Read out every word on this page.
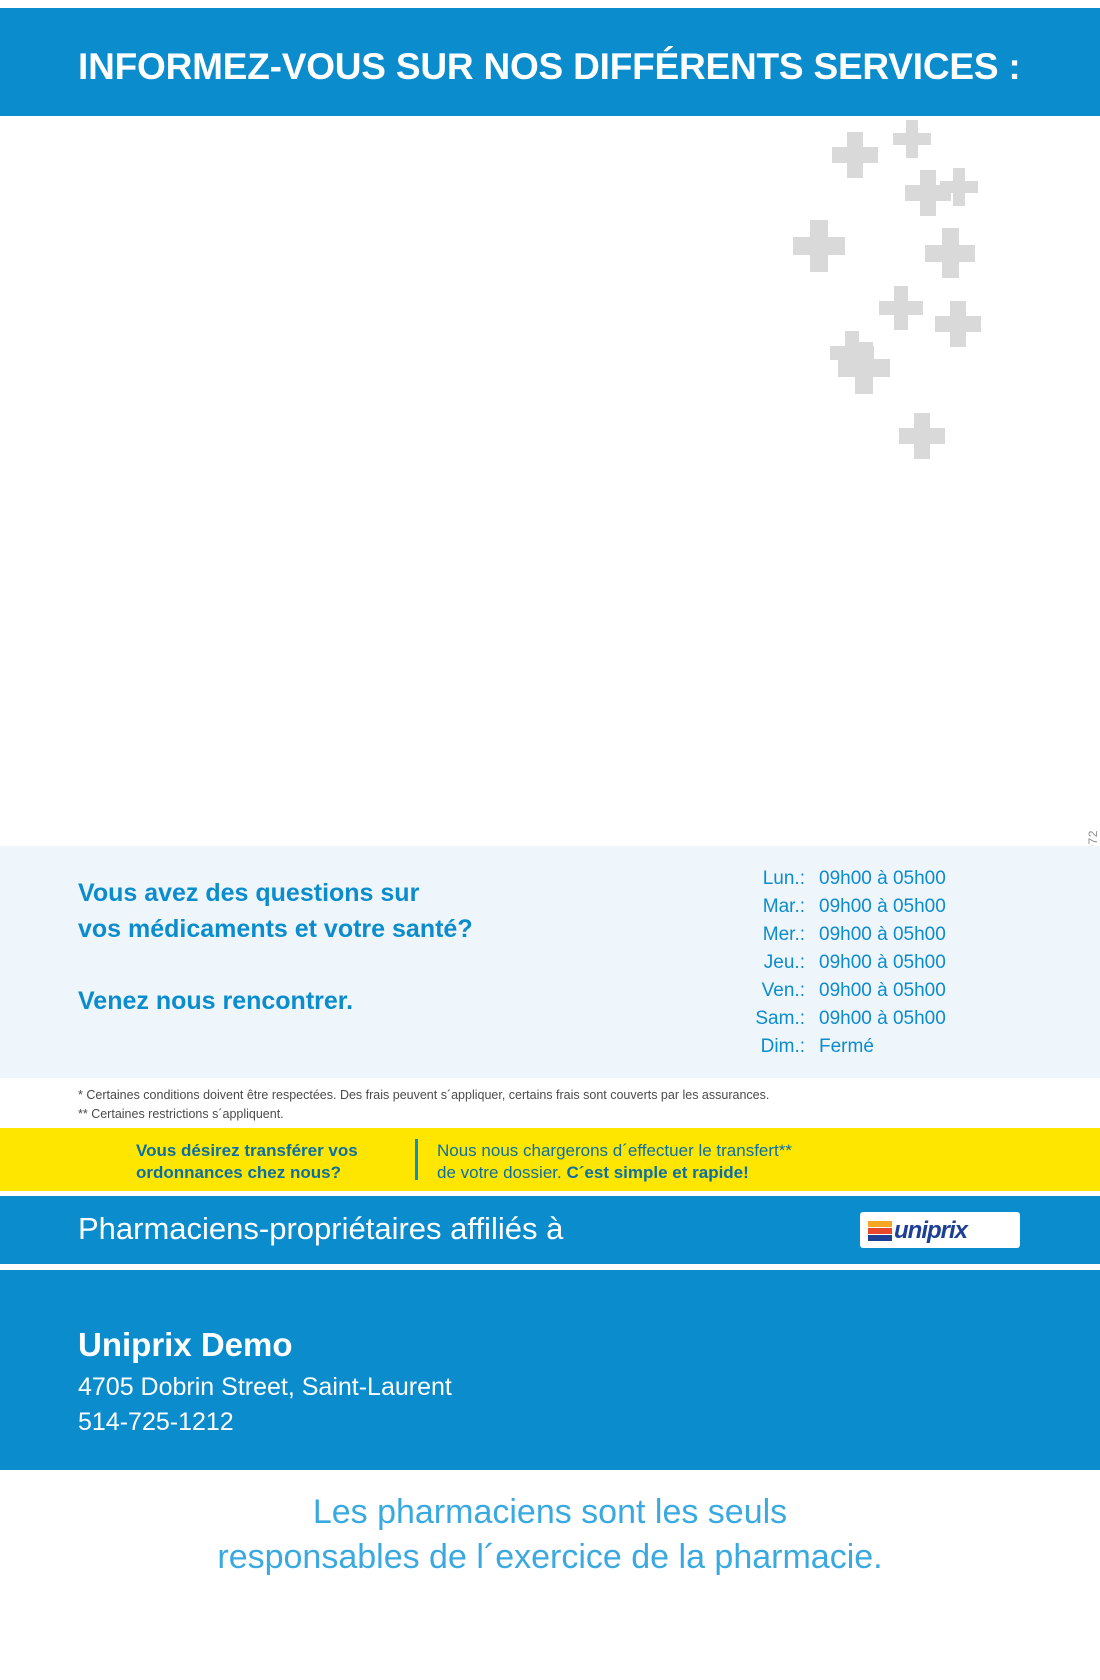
INFORMEZ-VOUS SUR NOS DIFFÉRENTS SERVICES :
Vous avez des questions sur
vos médicaments et votre santé?
Venez nous rencontrer.
Lun.: 09h00 à 05h00
Mar.: 09h00 à 05h00
Mer.: 09h00 à 05h00
Jeu.: 09h00 à 05h00
Ven.: 09h00 à 05h00
Sam.: 09h00 à 05h00
Dim.: Fermé
* Certaines conditions doivent être respectées. Des frais peuvent s´appliquer, certains frais sont couverts par les assurances.
** Certaines restrictions s´appliquent.
Vous désirez transférer vos
ordonnances chez nous?
Nous nous chargerons d´effectuer le transfert**
de votre dossier. C´est simple et rapide!
Pharmaciens-propriétaires affiliés à	uniprix
Uniprix Demo
4705 Dobrin Street, Saint-Laurent
514-725-1212
Les pharmaciens sont les seuls
responsables de l´exercice de la pharmacie.
